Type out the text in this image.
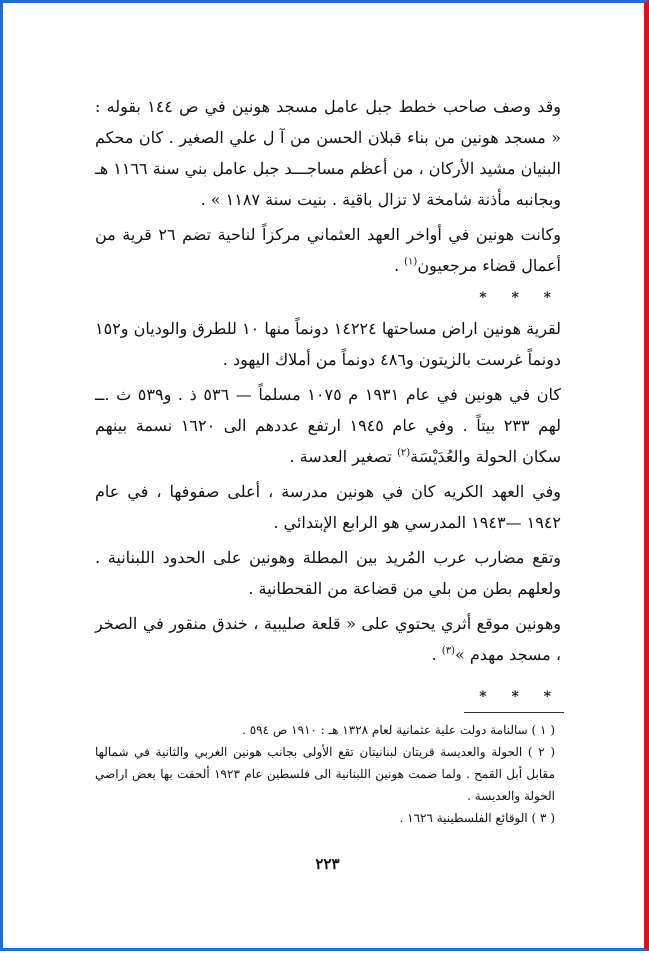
وقد وصف صاحب خطط جبل عامل مسجد هونين في ص ١٤٤ بقوله : « مسجد هونين من بناء قبلان الحسن من آ ل علي الصغير . كان محكم البنيان مشيد الأركان ، من أعظم مساجـــد جبل عامل بني سنة ١١٦٦ هـ وبجانبه مأذنة شامخة لا تزال باقية . بنيت سنة ١١٨٧ » .

وكانت هونين في أواخر العهد العثماني مركزاً لناحية تضم ٢٦ قرية من أعمال قضاء مرجعيون$^{(١)}$ .

* * *

لقرية هونين اراض مساحتها ١٤٢٢٤ دونماً منها ١٠ للطرق والوديان و١٥٢ دونماً غرست بالزيتون و٤٨٦ دونماً من أملاك اليهود .

كان في هونين في عام ١٩٣١ م ١٠٧٥ مسلماً — ٥٣٦ ذ . و٥٣٩ ث .ــ لهم ٢٣٣ بيتاً . وفي عام ١٩٤٥ ارتفع عددهم الى ١٦٢٠ نسمة بينهم سكان الحولة والعُدَيْسَة$^{(٢)}$ تصغير العدسة .

وفي العهد الكريه كان في هونين مدرسة ، أعلى صفوفها ، في عام ١٩٤٢ —١٩٤٣ المدرسي هو الرابع الإبتدائي .

وتقع مضارب عرب المُريد بين المطلة وهونين على الحدود اللبنانية . ولعلهم بطن من بلي من قضاعة من القحطانية .

وهونين موقع أثري يحتوي على « قلعة صليبية ، خندق منقور في الصخر ، مسجد مهدم »$^{(٣)}$ .

* * *

( ١ ) سالنامة دولت علية عثمانية لعام ١٣٢٨ هـ : ١٩١٠ ص ٥٩٤ .

( ٢ ) الحولة والعديسة قريتان لبنانيتان تقع الأولى بجانب هونين الغربي والثانية في شمالها مقابل أبل القمح . ولما ضمت هونين اللبنانية الى فلسطين عام ١٩٢٣ ألحقت بها بعض اراضي الحولة والعديسة .

( ٣ ) الوقائع الفلسطينية ١٦٢٦ .

٢٢٣
